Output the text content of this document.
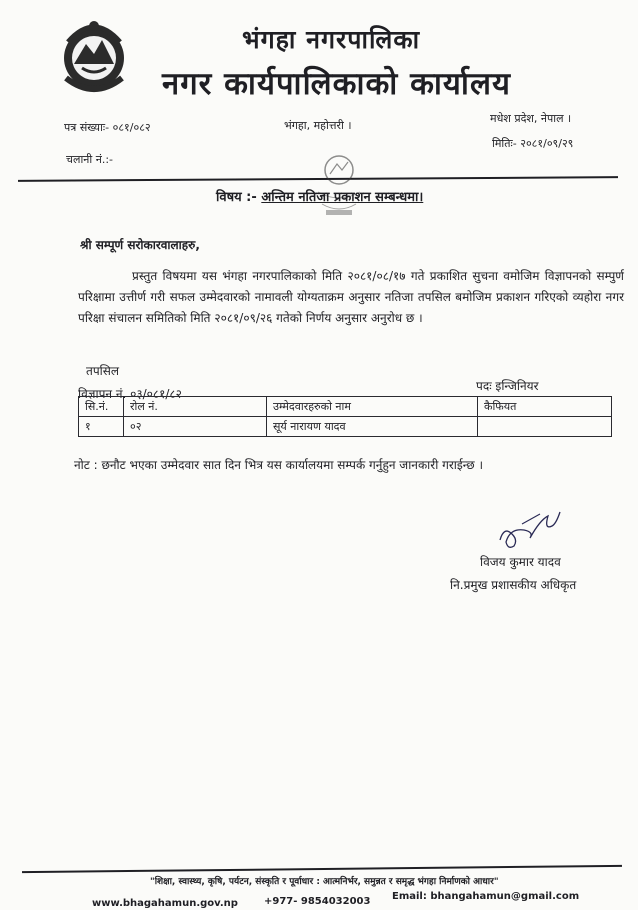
भंगहा नगरपालिका
नगर कार्यपालिकाको कार्यालय
पत्र संख्याः- ०८१/०८२	भंगहा, महोत्तरी ।
मधेश प्रदेश, नेपाल ।
मितिः- २०८१/०९/२९
चलानी नं.:-
विषय :- अन्तिम नतिजा प्रकाशन सम्बन्धमा।
श्री सम्पूर्ण सरोकारवालाहरु,
प्रस्तुत विषयमा यस भंगहा नगरपालिकाको मिति २०८१/०८/१७ गते प्रकाशित सुचना वमोजिम विज्ञापनको सम्पुर्ण परिक्षामा उत्तीर्ण गरी सफल उम्मेदवारको नामावली योग्यताक्रम अनुसार नतिजा तपसिल बमोजिम प्रकाशन गरिएको व्यहोरा नगर परिक्षा संचालन समितिको मिति २०८१/०९/२६ गतेको निर्णय अनुसार अनुरोध छ ।
तपसिल
विज्ञापन नं. ०३/०८१/८२
पदः इन्जिनियर
सि.नं.	रोल नं.	उम्मेदवारहरुको नाम	कैफियत
१	०२	सूर्य नारायण यादव	
नोट : छनौट भएका उम्मेदवार सात दिन भित्र यस कार्यालयमा सम्पर्क गर्नुहुन जानकारी गराईन्छ ।
विजय कुमार यादव
नि.प्रमुख प्रशासकीय अधिकृत
"शिक्षा, स्वास्थ्य, कृषि, पर्यटन, संस्कृति र पूर्वाधार : आत्मनिर्भर, समुन्नत र समृद्ध भंगहा निर्माणको आधार"
www.bhagahamun.gov.np	+977- 9854032003 Email: bhangahamun@gmail.com
